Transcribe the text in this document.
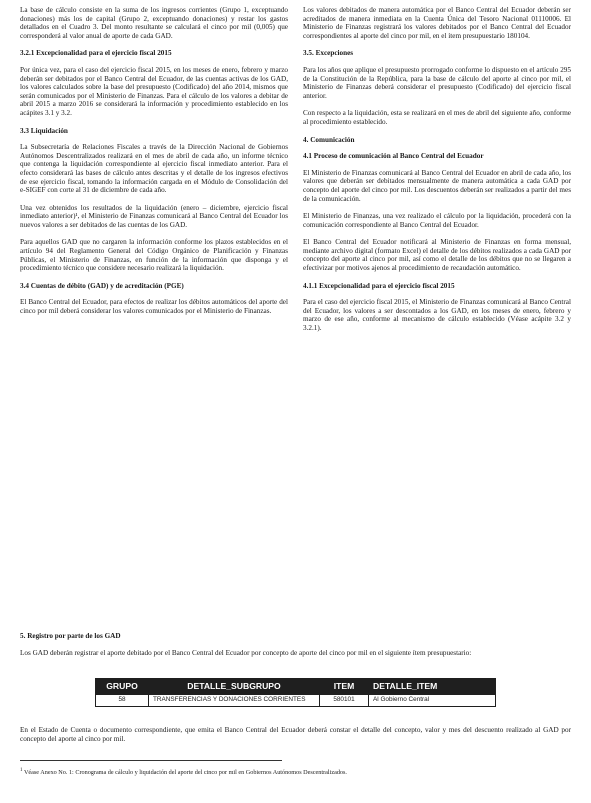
La base de cálculo consiste en la suma de los ingresos corrientes (Grupo 1, exceptuando donaciones) más los de capital (Grupo 2, exceptuando donaciones) y restar los gastos detallados en el Cuadro 3. Del monto resultante se calculará el cinco por mil (0,005) que corresponderá al valor anual de aporte de cada GAD.

3.2.1 Excepcionalidad para el ejercicio fiscal 2015

Por única vez, para el caso del ejercicio fiscal 2015, en los meses de enero, febrero y marzo deberán ser debitados por el Banco Central del Ecuador, de las cuentas activas de los GAD, los valores calculados sobre la base del presupuesto (Codificado) del año 2014, mismos que serán comunicados por el Ministerio de Finanzas. Para el cálculo de los valores a debitar de abril 2015 a marzo 2016 se considerará la información y procedimiento establecido en los acápites 3.1 y 3.2.

3.3 Liquidación

La Subsecretaría de Relaciones Fiscales a través de la Dirección Nacional de Gobiernos Autónomos Descentralizados realizará en el mes de abril de cada año, un informe técnico que contenga la liquidación correspondiente al ejercicio fiscal inmediato anterior. Para el efecto considerará las bases de cálculo antes descritas y el detalle de los ingresos efectivos de ese ejercicio fiscal, tomando la información cargada en el Módulo de Consolidación del e-SIGEF con corte al 31 de diciembre de cada año.

Una vez obtenidos los resultados de la liquidación (enero – diciembre, ejercicio fiscal inmediato anterior)¹, el Ministerio de Finanzas comunicará al Banco Central del Ecuador los nuevos valores a ser debitados de las cuentas de los GAD.

Para aquellos GAD que no cargaren la información conforme los plazos establecidos en el artículo 94 del Reglamento General del Código Orgánico de Planificación y Finanzas Públicas, el Ministerio de Finanzas, en función de la información que disponga y el procedimiento técnico que considere necesario realizará la liquidación.

3.4 Cuentas de débito (GAD) y de acreditación (PGE)

El Banco Central del Ecuador, para efectos de realizar los débitos automáticos del aporte del cinco por mil deberá considerar los valores comunicados por el Ministerio de Finanzas.

Los valores debitados de manera automática por el Banco Central del Ecuador deberán ser acreditados de manera inmediata en la Cuenta Única del Tesoro Nacional 01110006. El Ministerio de Finanzas registrará los valores debitados por el Banco Central del Ecuador correspondientes al aporte del cinco por mil, en el ítem presupuestario 180104.

3.5. Excepciones

Para los años que aplique el presupuesto prorrogado conforme lo dispuesto en el artículo 295 de la Constitución de la República, para la base de cálculo del aporte al cinco por mil, el Ministerio de Finanzas deberá considerar el presupuesto (Codificado) del ejercicio fiscal anterior.

Con respecto a la liquidación, esta se realizará en el mes de abril del siguiente año, conforme al procedimiento establecido.

4. Comunicación
4.1 Proceso de comunicación al Banco Central del Ecuador

El Ministerio de Finanzas comunicará al Banco Central del Ecuador en abril de cada año, los valores que deberán ser debitados mensualmente de manera automática a cada GAD por concepto del aporte del cinco por mil. Los descuentos deberán ser realizados a partir del mes de la comunicación.

El Ministerio de Finanzas, una vez realizado el cálculo por la liquidación, procederá con la comunicación correspondiente al Banco Central del Ecuador.

El Banco Central del Ecuador notificará al Ministerio de Finanzas en forma mensual, mediante archivo digital (formato Excel) el detalle de los débitos realizados a cada GAD por concepto del aporte al cinco por mil, así como el detalle de los débitos que no se llegaren a efectivizar por motivos ajenos al procedimiento de recaudación automático.

4.1.1 Excepcionalidad para el ejercicio fiscal 2015

Para el caso del ejercicio fiscal 2015, el Ministerio de Finanzas comunicará al Banco Central del Ecuador, los valores a ser descontados a los GAD, en los meses de enero, febrero y marzo de ese año, conforme al mecanismo de cálculo establecido (Véase acápite 3.2 y 3.2.1).

5. Registro por parte de los GAD

Los GAD deberán registrar el aporte debitado por el Banco Central del Ecuador por concepto de aporte del cinco por mil en el siguiente ítem presupuestario:

GRUPO	DETALLE_SUBGRUPO	ITEM	DETALLE_ITEM
58	TRANSFERENCIAS Y DONACIONES CORRIENTES	580101	Al Gobierno Central

En el Estado de Cuenta o documento correspondiente, que emita el Banco Central del Ecuador deberá constar el detalle del concepto, valor y mes del descuento realizado al GAD por concepto del aporte al cinco por mil.

$^1$ Véase Anexo No. 1: Cronograma de cálculo y liquidación del aporte del cinco por mil en Gobiernos Autónomos Descentralizados.
